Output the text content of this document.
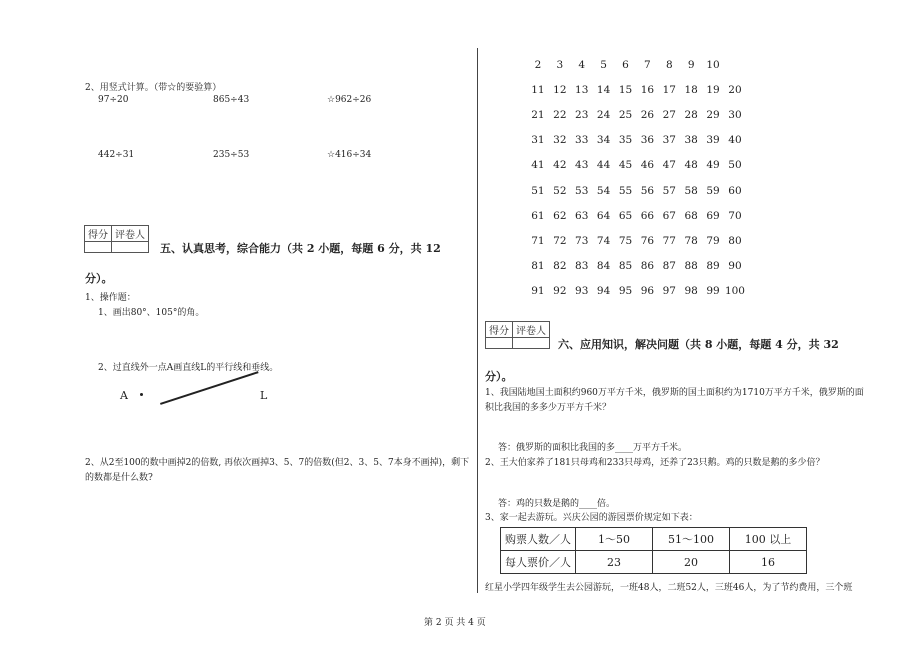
2、用竖式计算。（带☆的要验算）
97÷20	865÷43	☆962÷26
442÷31	235÷53	☆416÷34
得分	评卷人

五、认真思考，综合能力（共 2 小题，每题 6 分，共 12
分）。
1、操作题：
1、画出80°、105°的角。
2、过直线外一点A画直线L的平行线和垂线。
A	L
2、从2至100的数中画掉2的倍数, 再依次画掉3、5、7的倍数(但2、3、5、7本身不画掉)，剩下
的数都是什么数?
2	3	4	5	6	7	8	9	10
11 12 13 14 15 16 17 18 19 20
21 22 23 24 25 26 27 28 29 30
31 32 33 34 35 36 37 38 39 40
41 42 43 44 45 46 47 48 49 50
51 52 53 54 55 56 57 58 59 60
61 62 63 64 65 66 67 68 69 70
71 72 73 74 75 76 77 78 79 80
81 82 83 84 85 86 87 88 89 90
91 92 93 94 95 96 97 98 99 100
得分	评卷人

六、应用知识，解决问题（共 8 小题，每题 4 分，共 32
分）。
1、我国陆地国土面积约960万平方千米，俄罗斯的国土面积约为1710万平方千米，俄罗斯的面
积比我国的多多少万平方千米？
答：俄罗斯的面积比我国的多____万平方千米。
2、王大伯家养了181只母鸡和233只母鸡，还养了23只鹅。鸡的只数是鹅的多少倍？
答：鸡的只数是鹅的____倍。
3、家一起去游玩。兴庆公园的游园票价规定如下表：
购票人数／人	1～50	51～100	100 以上
每人票价／人	23	20	16
红星小学四年级学生去公园游玩，一班48人，二班52人，三班46人，为了节约费用，三个班
第 2 页 共 4 页
